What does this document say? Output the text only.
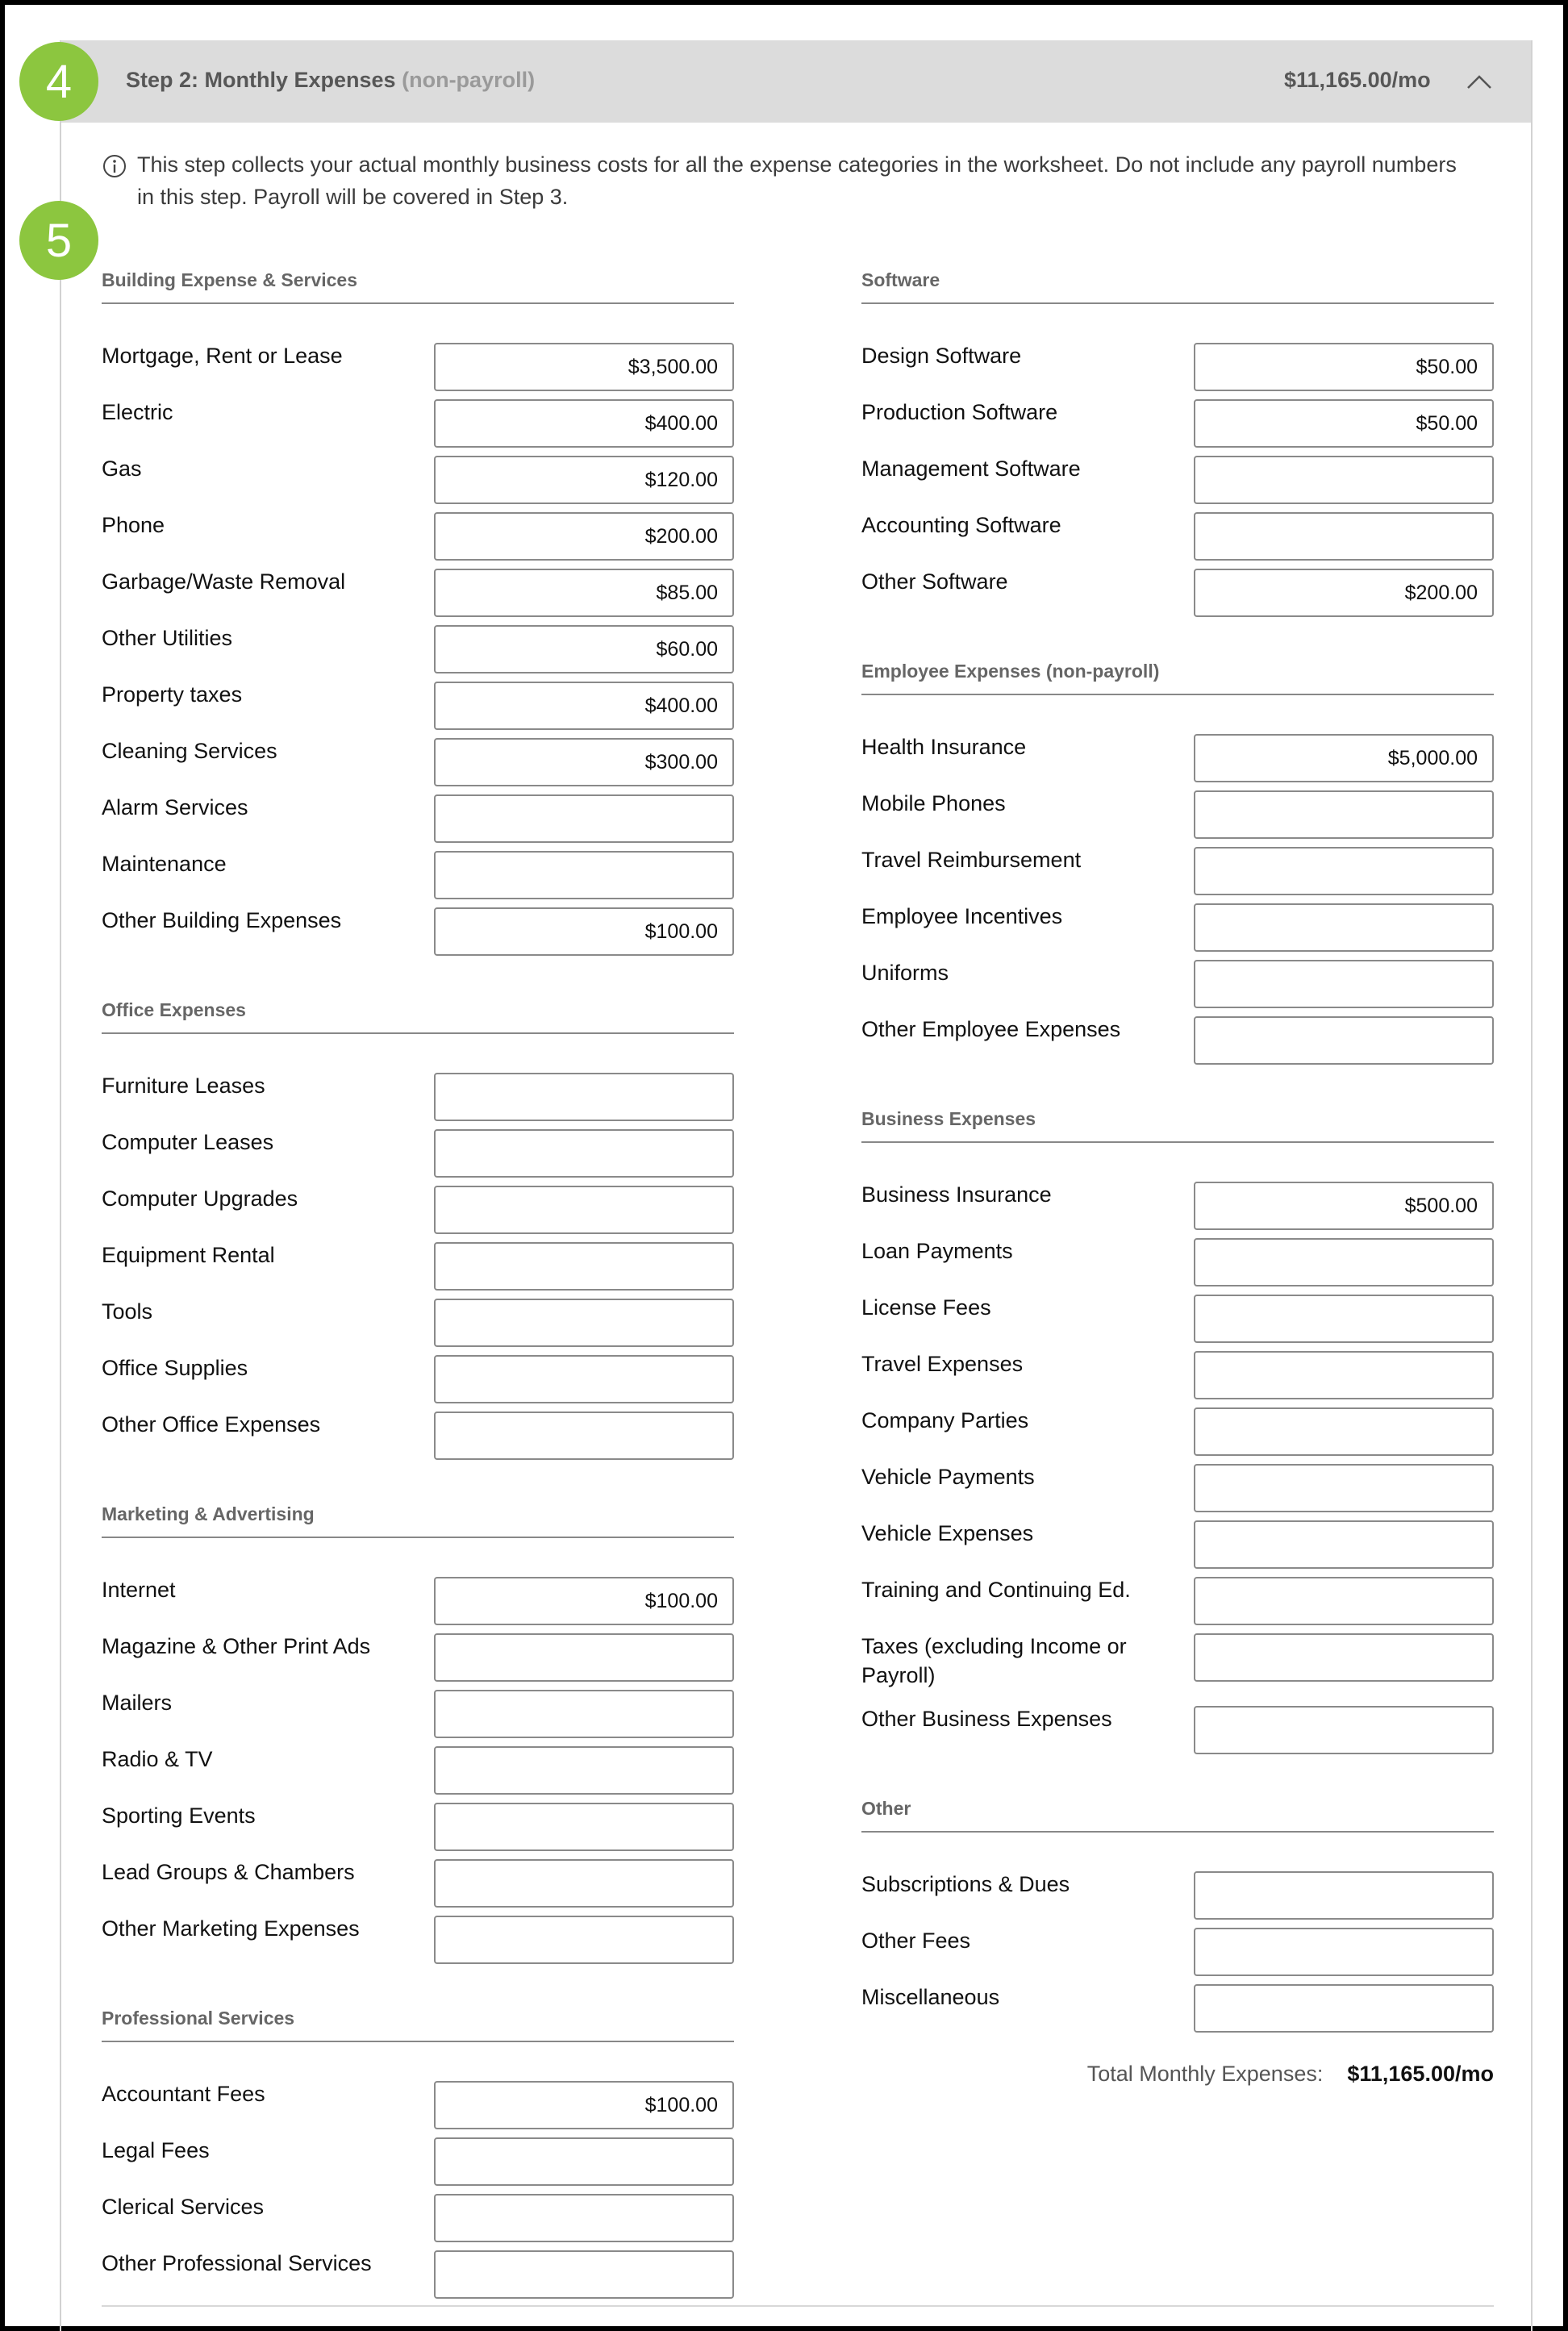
Step 2: Monthly Expenses (non-payroll)	$11,165.00/mo
This step collects your actual monthly business costs for all the expense categories in the worksheet. Do not include any payroll numbers in this step. Payroll will be covered in Step 3.
Building Expense & Services
Mortgage, Rent or Lease
$3,500.00
Electric
$400.00
Gas
$120.00
Phone
$200.00
Garbage/Waste Removal
$85.00
Other Utilities
$60.00
Property taxes
$400.00
Cleaning Services
$300.00
Alarm Services
Maintenance
Other Building Expenses
$100.00
Office Expenses
Furniture Leases
Computer Leases
Computer Upgrades
Equipment Rental
Tools
Office Supplies
Other Office Expenses
Marketing & Advertising
Internet
$100.00
Magazine & Other Print Ads
Mailers
Radio & TV
Sporting Events
Lead Groups & Chambers
Other Marketing Expenses
Professional Services
Accountant Fees
$100.00
Legal Fees
Clerical Services
Other Professional Services
Software
Design Software
$50.00
Production Software
$50.00
Management Software
Accounting Software
Other Software
$200.00
Employee Expenses (non-payroll)
Health Insurance
$5,000.00
Mobile Phones
Travel Reimbursement
Employee Incentives
Uniforms
Other Employee Expenses
Business Expenses
Business Insurance
$500.00
Loan Payments
License Fees
Travel Expenses
Company Parties
Vehicle Payments
Vehicle Expenses
Training and Continuing Ed.
Taxes (excluding Income or Payroll)
Other Business Expenses
Other
Subscriptions & Dues
Other Fees
Miscellaneous
Total Monthly Expenses: $11,165.00/mo
4
5
